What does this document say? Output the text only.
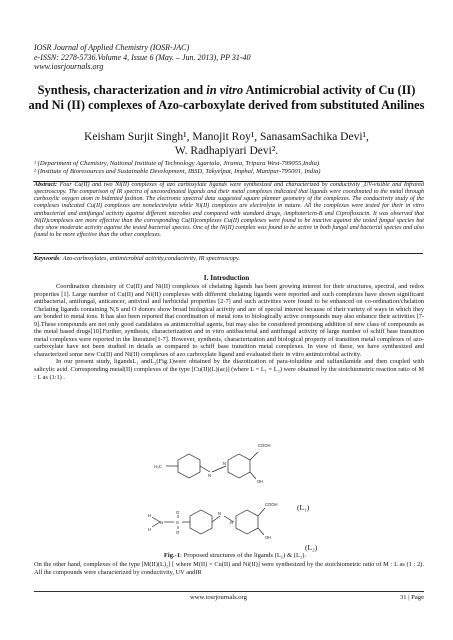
IOSR Journal of Applied Chemistry (IOSR-JAC)
e-ISSN: 2278-5736.Volume 4, Issue 6 (May. – Jun. 2013), PP 31-40
www.iosrjournals.org
Synthesis, characterization and in vitro Antimicrobial activity of Cu (II) and Ni (II) complexes of Azo-carboxylate derived from substituted Anilines
Keisham Surjit Singh¹, Manojit Roy¹, SanasamSachika Devi¹,
W. Radhapiyari Devi².
¹ (Department of Chemistry, National Institute of Technology Agartala, Jirania, Tripura West-799055,India)
² (Institute of Bioresources and Sustainable Development, IBSD, Takyelpat, Imphal, Manipur-795001, India)
Abstract: Four Cu(II) and two Ni(II) complexes of azo carboxylate ligands were synthesized and characterized by conductivity ,UV-visible and Infrared spectroscopy. The comparison of IR spectra of uncoordinated ligands and their metal complexes indicated that ligands were coordinated to the metal through carboxylic oxygen atom in bidented fashion. The electronic spectral data suggested square planner geometry of the complexes. The conductivity study of the complexes indicated Cu(II) complexes are nonelectrolyte while Ni(II) complexes are electrolyte in nature. All the complexes were tested for their in vitro antibacterial and antifungal activity against different microbes and compared with standard drugs, Amphotericin-B and Ciprofloxacin. It was observed that Ni(II)complexes are more effective than the corresponding Cu(II)complexes Cu(II) complexes were found to be inactive against the tested fungal species but they show moderate activity against the tested bacterial species. One of the Ni(II) complex was found to be active in both fungal and bacterial species and also found to be more effective than the other complexes.
Keywords: Azo-carboxylates, antimicrobial activity,conductivity, IR spectroscopy.
I. Introduction

Coordination chemistry of Cu(II) and Ni(II) complexes of chelating ligands has been growing interest for their structures, spectral, and redox properties [1]. Large number of Cu(II) and Ni(II) complexes with different chelating ligands were reported and such complexes have shown significant antibacterial, antifungal, anticancer, antiviral and herbicidal properties [2-7] and such activities were found to be enhanced on co-ordination/chelation Chelating ligands containing N,S and O donors show broad biological activity and are of special interest because of their variety of ways in which they are bonded to metal ions. It has also been reported that coordination of metal ions to biologically active compounds may also enhance their activities [7-9].These compounds are not only good candidates as antimicrobial agents, but may also be considered promising addition of new class of compounds as the metal based drugs[10].Further, synthesis, characterization and in vitro antibacterial and antifungal activity of large number of schiff base transition metal complexes were reported in the literature[1-7]. However, synthesis, characterization and biological property of transition metal complexes of azo-carboxylate have not been studied in details as compared to schiff base transition metal complexes. In view of these, we have synthesized and characterized some new Cu(II) and Ni(II) complexes of azo carboxylate ligand and evaluated their in vitro antimicrobial activity.

In our present study, ligandsL₁ andL₂(Fig.1)were obtained by the diazotization of para-toluidine and sulfanilamide and then coupled with salicylic acid. Corresponding metal(II) complexes of the type [Cu(II)(L)(ac)] (where L = L₁ = L₂) were obtained by the stoichiometric reaction ratio of M : L as (1:1) .

COOH
OH
H₃C
N
N
H
H
N	S
O
O
N
N
COOH
OH
(L₁)
(L₂)
Fig.-1: Proposed structures of the ligands (L₁) & (L₂).
On the other hand, complexes of the type [M(II)(L)₂] [ where M(II) = Cu(II) and Ni(II)] were synthesized by the stoichiometric ratio of M : L as (1 : 2). All the compounds were characterized by conductivity, UV andIR
www.iosrjournals.org	31 | Page
